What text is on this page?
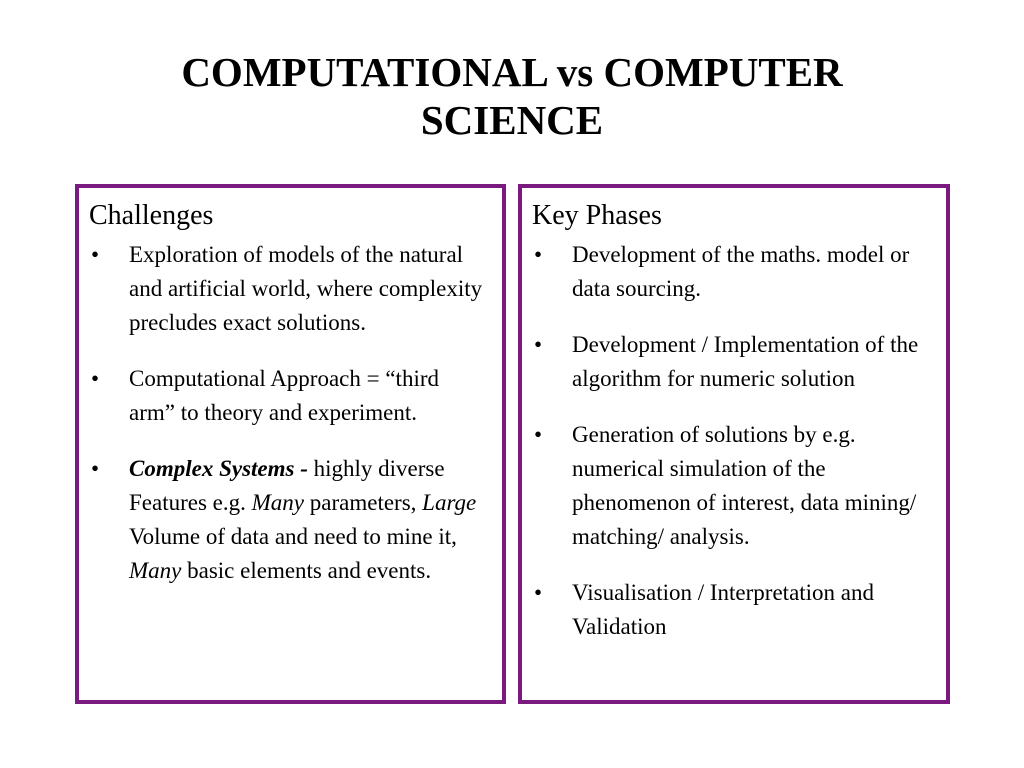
COMPUTATIONAL vs COMPUTER
SCIENCE
Challenges
• Exploration of models of the natural and artificial world, where complexity precludes exact solutions.
• Computational Approach = “third arm” to theory and experiment.
• Complex Systems - highly diverse Features e.g. Many parameters, Large Volume of data and need to mine it, Many basic elements and events.
Key Phases
• Development of the maths. model or data sourcing.
• Development / Implementation of the algorithm for numeric solution
• Generation of solutions by e.g. numerical simulation of the phenomenon of interest, data mining/ matching/ analysis.
• Visualisation / Interpretation and Validation
